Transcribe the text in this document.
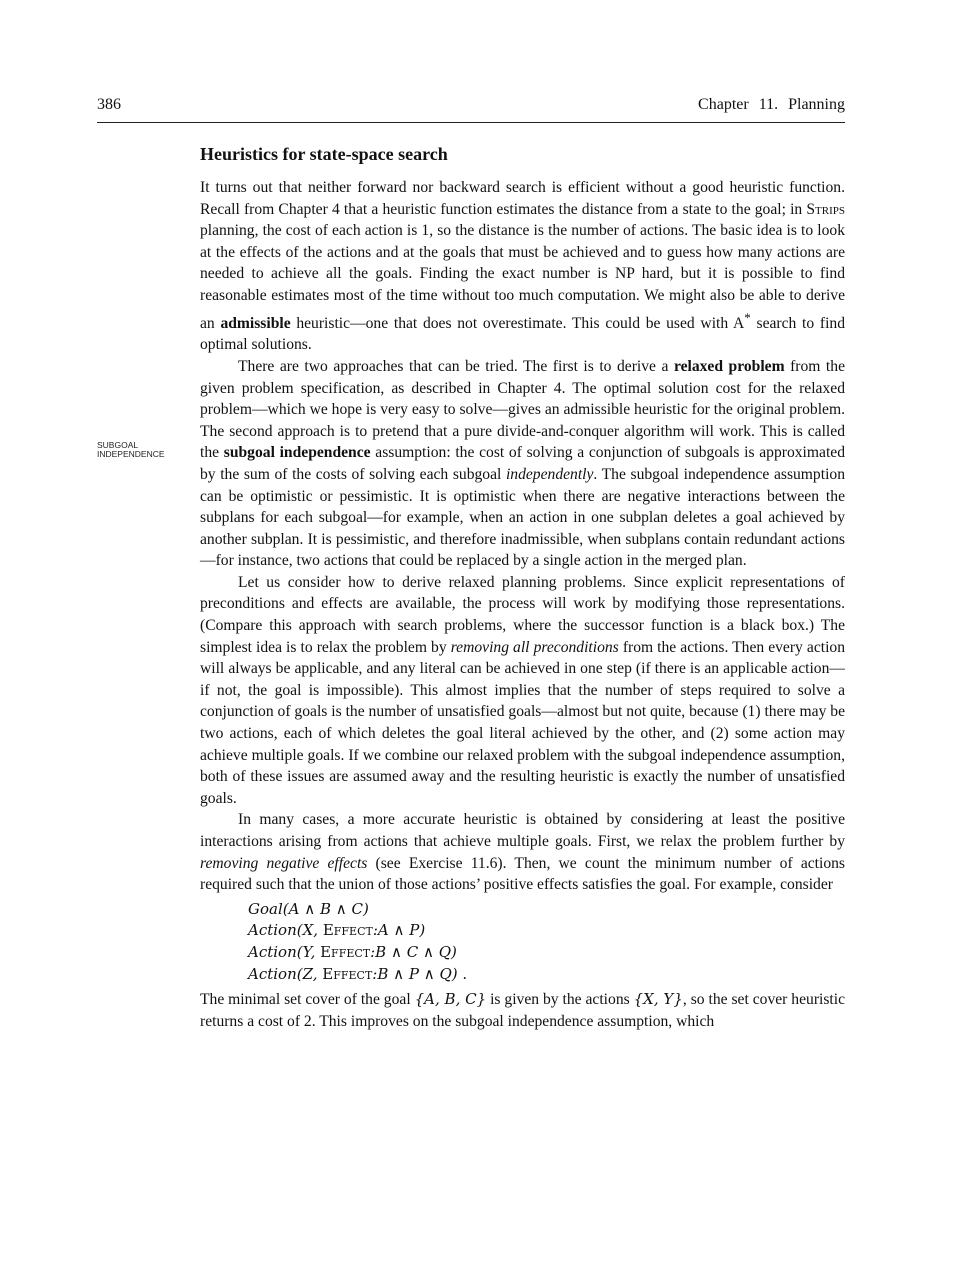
386	Chapter 11. Planning
SUBGOAL
INDEPENDENCE
Heuristics for state-space search

It turns out that neither forward nor backward search is efficient without a good heuristic function. Recall from Chapter 4 that a heuristic function estimates the distance from a state to the goal; in Strips planning, the cost of each action is 1, so the distance is the number of actions. The basic idea is to look at the effects of the actions and at the goals that must be achieved and to guess how many actions are needed to achieve all the goals. Finding the exact number is NP hard, but it is possible to find reasonable estimates most of the time without too much computation. We might also be able to derive an admissible heuristic—one that does not overestimate. This could be used with A* search to find optimal solutions.

There are two approaches that can be tried. The first is to derive a relaxed problem from the given problem specification, as described in Chapter 4. The optimal solution cost for the relaxed problem—which we hope is very easy to solve—gives an admissible heuristic for the original problem. The second approach is to pretend that a pure divide-and-conquer algorithm will work. This is called the subgoal independence assumption: the cost of solving a conjunction of subgoals is approximated by the sum of the costs of solving each subgoal independently. The subgoal independence assumption can be optimistic or pessimistic. It is optimistic when there are negative interactions between the subplans for each subgoal—for example, when an action in one subplan deletes a goal achieved by another subplan. It is pessimistic, and therefore inadmissible, when subplans contain redundant actions—for instance, two actions that could be replaced by a single action in the merged plan.

Let us consider how to derive relaxed planning problems. Since explicit representations of preconditions and effects are available, the process will work by modifying those representations. (Compare this approach with search problems, where the successor function is a black box.) The simplest idea is to relax the problem by removing all preconditions from the actions. Then every action will always be applicable, and any literal can be achieved in one step (if there is an applicable action—if not, the goal is impossible). This almost implies that the number of steps required to solve a conjunction of goals is the number of unsatisfied goals—almost but not quite, because (1) there may be two actions, each of which deletes the goal literal achieved by the other, and (2) some action may achieve multiple goals. If we combine our relaxed problem with the subgoal independence assumption, both of these issues are assumed away and the resulting heuristic is exactly the number of unsatisfied goals.

In many cases, a more accurate heuristic is obtained by considering at least the positive interactions arising from actions that achieve multiple goals. First, we relax the problem further by removing negative effects (see Exercise 11.6). Then, we count the minimum number of actions required such that the union of those actions’ positive effects satisfies the goal. For example, consider

Goal(A ∧ B ∧ C)
Action(X, Effect:A ∧ P)
Action(Y, Effect:B ∧ C ∧ Q)
Action(Z, Effect:B ∧ P ∧ Q) .

The minimal set cover of the goal {A, B, C} is given by the actions {X, Y}, so the set cover heuristic returns a cost of 2. This improves on the subgoal independence assumption, which
